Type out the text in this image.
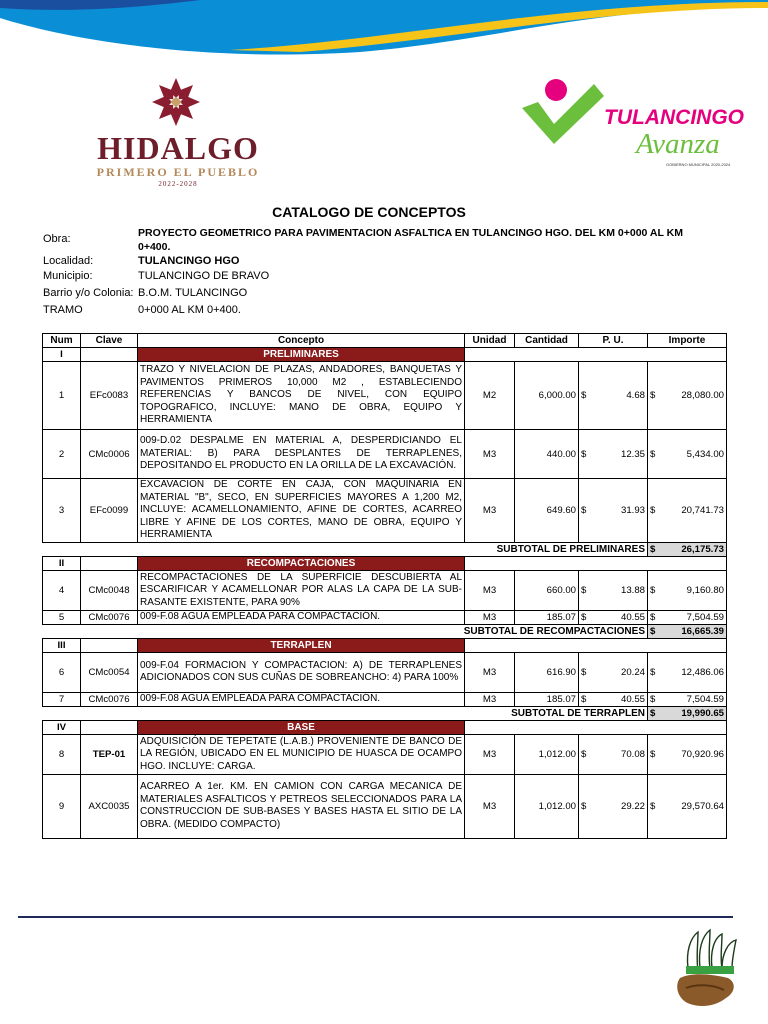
HIDALGO
PRIMERO EL PUEBLO
2022-2028
TULANCINGO
Avanza
GOBIERNO MUNICIPAL 2020-2024
CATALOGO DE CONCEPTOS
Obra:	PROYECTO GEOMETRICO PARA PAVIMENTACION ASFALTICA EN TULANCINGO HGO. DEL KM 0+000 AL KM 0+400.
Localidad:	TULANCINGO HGO
Municipio:	TULANCINGO DE BRAVO
Barrio y/o Colonia: B.O.M. TULANCINGO
TRAMO	0+000 AL KM 0+400.
Num	Clave	Concepto	Unidad	Cantidad	P. U.	Importe
I		PRELIMINARES				
1	EFc0083	TRAZO Y NIVELACION DE PLAZAS, ANDADORES, BANQUETAS Y PAVIMENTOS PRIMEROS 10,000 M2 , ESTABLECIENDO REFERENCIAS Y BANCOS DE NIVEL, CON EQUIPO TOPOGRAFICO, INCLUYE: MANO DE OBRA, EQUIPO Y HERRAMIENTA	M2	6,000.00	$ 4.68	$ 28,080.00

2	CMc0006	009-D.02 DESPALME EN MATERIAL A, DESPERDICIANDO EL MATERIAL: B) PARA DESPLANTES DE TERRAPLENES, DEPOSITANDO EL PRODUCTO EN LA ORILLA DE LA EXCAVACIÓN.	M3	440.00	$ 12.35	$ 5,434.00

3	EFc0099	EXCAVACION DE CORTE EN CAJA, CON MAQUINARIA EN MATERIAL "B", SECO, EN SUPERFICIES MAYORES A 1,200 M2, INCLUYE: ACAMELLONAMIENTO, AFINE DE CORTES, ACARREO LIBRE Y AFINE DE LOS CORTES, MANO DE OBRA, EQUIPO Y HERRAMIENTA	M3	649.60	$ 31.93	$ 20,741.73

SUBTOTAL DE PRELIMINARES						$ 26,175.73

II		RECOMPACTACIONES				
4	CMc0048	RECOMPACTACIONES DE LA SUPERFICIE DESCUBIERTA AL ESCARIFICAR Y ACAMELLONAR POR ALAS LA CAPA DE LA SUB-RASANTE EXISTENTE, PARA 90%	M3	660.00	$ 13.88	$ 9,160.80

5	CMc0076	009-F.08 AGUA EMPLEADA PARA COMPACTACIÓN.	M3	185.07	$ 40.55	$ 7,504.59

SUBTOTAL DE RECOMPACTACIONES						$ 16,665.39

III		TERRAPLEN				
6	CMc0054	009-F.04 FORMACION Y COMPACTACION: A) DE TERRAPLENES ADICIONADOS CON SUS CUÑAS DE SOBREANCHO: 4) PARA 100%	M3	616.90	$ 20.24	$ 12,486.06

7	CMc0076	009-F.08 AGUA EMPLEADA PARA COMPACTACIÓN.	M3	185.07	$ 40.55	$ 7,504.59

SUBTOTAL DE TERRAPLEN						$ 19,990.65

IV		BASE				
8	TEP-01	ADQUISICIÓN DE TEPETATE (L.A.B.) PROVENIENTE DE BANCO DE LA REGIÓN, UBICADO EN EL MUNICIPIO DE HUASCA DE OCAMPO HGO. INCLUYE: CARGA.	M3	1,012.00	$ 70.08	$ 70,920.96

9	AXC0035	ACARREO A 1er. KM. EN CAMION CON CARGA MECANICA DE MATERIALES ASFALTICOS Y PETREOS SELECCIONADOS PARA LA CONSTRUCCION DE SUB-BASES Y BASES HASTA EL SITIO DE LA OBRA. (MEDIDO COMPACTO)	M3	1,012.00	$ 29.22	$ 29,570.64
